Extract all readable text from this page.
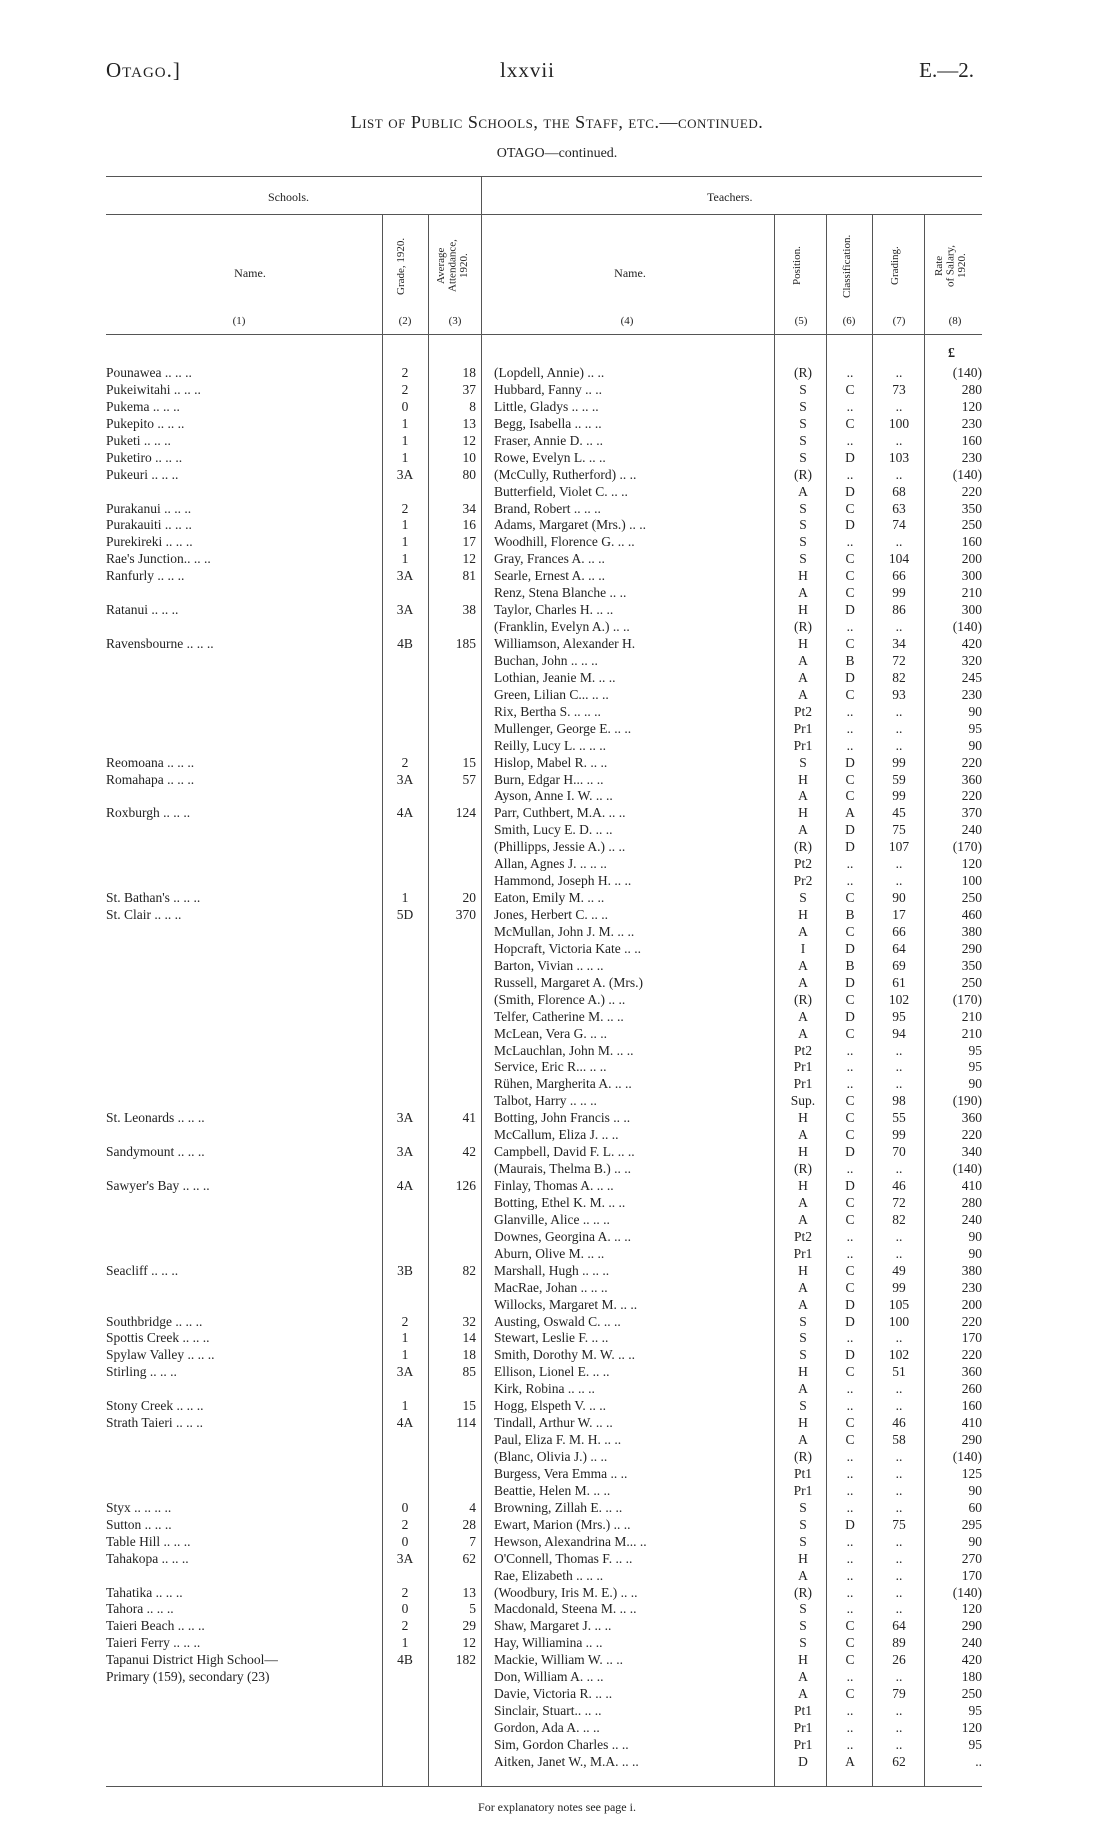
Otago.]	lxxvii	E.—2.
List of Public Schools, the Staff, etc.—continued.
OTAGO—continued.
Schools.	Teachers.
Name.	Grade, 1920.	Average
Attendance,
1920.	Name.	Position.	Classification.	Grading.	Rate
of Salary,
1920.
(1)	(2)	(3)	(4)	(5)	(6)	(7)	(8)
£
Pounawea .. .. ..	2	18 (Lopdell, Annie) .. ..	(R)	..	..	(140)
Pukeiwitahi .. .. ..	2	37 Hubbard, Fanny .. ..	S	C	73	280
Pukema .. .. ..	0	8 Little, Gladys .. .. ..	S	..	..	120
Pukepito .. .. ..	1	13 Begg, Isabella .. .. ..	S	C	100	230
Puketi .. .. ..	1	12 Fraser, Annie D. .. ..	S	..	..	160
Puketiro .. .. ..	1	10 Rowe, Evelyn L. .. ..	S	D	103	230
Pukeuri .. .. ..	3A	80 (McCully, Rutherford) .. ..	(R)	..	..	(140)
Butterfield, Violet C. .. ..	A	D	68	220
Purakanui .. .. ..	2	34 Brand, Robert .. .. ..	S	C	63	350
Purakauiti .. .. ..	1	16 Adams, Margaret (Mrs.) .. ..	S	D	74	250
Purekireki .. .. ..	1	17 Woodhill, Florence G. .. ..	S	..	..	160
Rae's Junction.. .. ..	1	12 Gray, Frances A. .. ..	S	C	104	200
Ranfurly .. .. ..	3A	81 Searle, Ernest A. .. ..	H	C	66	300
Renz, Stena Blanche .. ..	A	C	99	210
Ratanui .. .. ..	3A	38 Taylor, Charles H. .. ..	H	D	86	300
(Franklin, Evelyn A.) .. ..	(R)	..	..	(140)
Ravensbourne .. .. ..	4B	185 Williamson, Alexander H.	H	C	34	420
Buchan, John .. .. ..	A	B	72	320
Lothian, Jeanie M. .. ..	A	D	82	245
Green, Lilian C... .. ..	A	C	93	230
Rix, Bertha S. .. .. ..	Pt2	..	..	90
Mullenger, George E. .. ..	Pr1	..	..	95
Reilly, Lucy L. .. .. ..	Pr1	..	..	90
Reomoana .. .. ..	2	15 Hislop, Mabel R. .. ..	S	D	99	220
Romahapa .. .. ..	3A	57 Burn, Edgar H... .. ..	H	C	59	360
Ayson, Anne I. W. .. ..	A	C	99	220
Roxburgh .. .. ..	4A	124 Parr, Cuthbert, M.A. .. ..	H	A	45	370
Smith, Lucy E. D. .. ..	A	D	75	240
(Phillipps, Jessie A.) .. ..	(R)	D	107	(170)
Allan, Agnes J. .. .. ..	Pt2	..	..	120
Hammond, Joseph H. .. ..	Pr2	..	..	100
St. Bathan's .. .. ..	1	20 Eaton, Emily M. .. ..	S	C	90	250
St. Clair .. .. ..	5D	370 Jones, Herbert C. .. ..	H	B	17	460
McMullan, John J. M. .. ..	A	C	66	380
Hopcraft, Victoria Kate .. ..	I	D	64	290
Barton, Vivian .. .. ..	A	B	69	350
Russell, Margaret A. (Mrs.)	A	D	61	250
(Smith, Florence A.) .. ..	(R)	C	102	(170)
Telfer, Catherine M. .. ..	A	D	95	210
McLean, Vera G. .. ..	A	C	94	210
McLauchlan, John M. .. ..	Pt2	..	..	95
Service, Eric R... .. ..	Pr1	..	..	95
Rühen, Margherita A. .. ..	Pr1	..	..	90
Talbot, Harry .. .. ..	Sup.	C	98	(190)
St. Leonards .. .. ..	3A	41 Botting, John Francis .. ..	H	C	55	360
McCallum, Eliza J. .. ..	A	C	99	220
Sandymount .. .. ..	3A	42 Campbell, David F. L. .. ..	H	D	70	340
(Maurais, Thelma B.) .. ..	(R)	..	..	(140)
Sawyer's Bay .. .. ..	4A	126 Finlay, Thomas A. .. ..	H	D	46	410
Botting, Ethel K. M. .. ..	A	C	72	280
Glanville, Alice .. .. ..	A	C	82	240
Downes, Georgina A. .. ..	Pt2	..	..	90
Aburn, Olive M. .. ..	Pr1	..	..	90
Seacliff .. .. ..	3B	82 Marshall, Hugh .. .. ..	H	C	49	380
MacRae, Johan .. .. ..	A	C	99	230
Willocks, Margaret M. .. ..	A	D	105	200
Southbridge .. .. ..	2	32 Austing, Oswald C. .. ..	S	D	100	220
Spottis Creek .. .. ..	1	14 Stewart, Leslie F. .. ..	S	..	..	170
Spylaw Valley .. .. ..	1	18 Smith, Dorothy M. W. .. ..	S	D	102	220
Stirling .. .. ..	3A	85 Ellison, Lionel E. .. ..	H	C	51	360
Kirk, Robina .. .. ..	A	..	..	260
Stony Creek .. .. ..	1	15 Hogg, Elspeth V. .. ..	S	..	..	160
Strath Taieri .. .. ..	4A	114 Tindall, Arthur W. .. ..	H	C	46	410
Paul, Eliza F. M. H. .. ..	A	C	58	290
(Blanc, Olivia J.) .. ..	(R)	..	..	(140)
Burgess, Vera Emma .. ..	Pt1	..	..	125
Beattie, Helen M. .. ..	Pr1	..	..	90
Styx .. .. .. ..	0	4 Browning, Zillah E. .. ..	S	..	..	60
Sutton .. .. ..	2	28 Ewart, Marion (Mrs.) .. ..	S	D	75	295
Table Hill .. .. ..	0	7 Hewson, Alexandrina M... ..	S	..	..	90
Tahakopa .. .. ..	3A	62 O'Connell, Thomas F. .. ..	H	..	..	270
Rae, Elizabeth .. .. ..	A	..	..	170
Tahatika .. .. ..	2	13 (Woodbury, Iris M. E.) .. ..	(R)	..	..	(140)
Tahora .. .. ..	0	5 Macdonald, Steena M. .. ..	S	..	..	120
Taieri Beach .. .. ..	2	29 Shaw, Margaret J. .. ..	S	C	64	290
Taieri Ferry .. .. ..	1	12 Hay, Williamina .. ..	S	C	89	240
Tapanui District High School—	4B	182 Mackie, William W. .. ..	H	C	26	420
Primary (159), secondary (23)	Don, William A. .. ..	A	..	..	180
Davie, Victoria R. .. ..	A	C	79	250
Sinclair, Stuart.. .. ..	Pt1	..	..	95
Gordon, Ada A. .. ..	Pr1	..	..	120
Sim, Gordon Charles .. ..	Pr1	..	..	95
Aitken, Janet W., M.A. .. ..	D	A	62	..
For explanatory notes see page i.
